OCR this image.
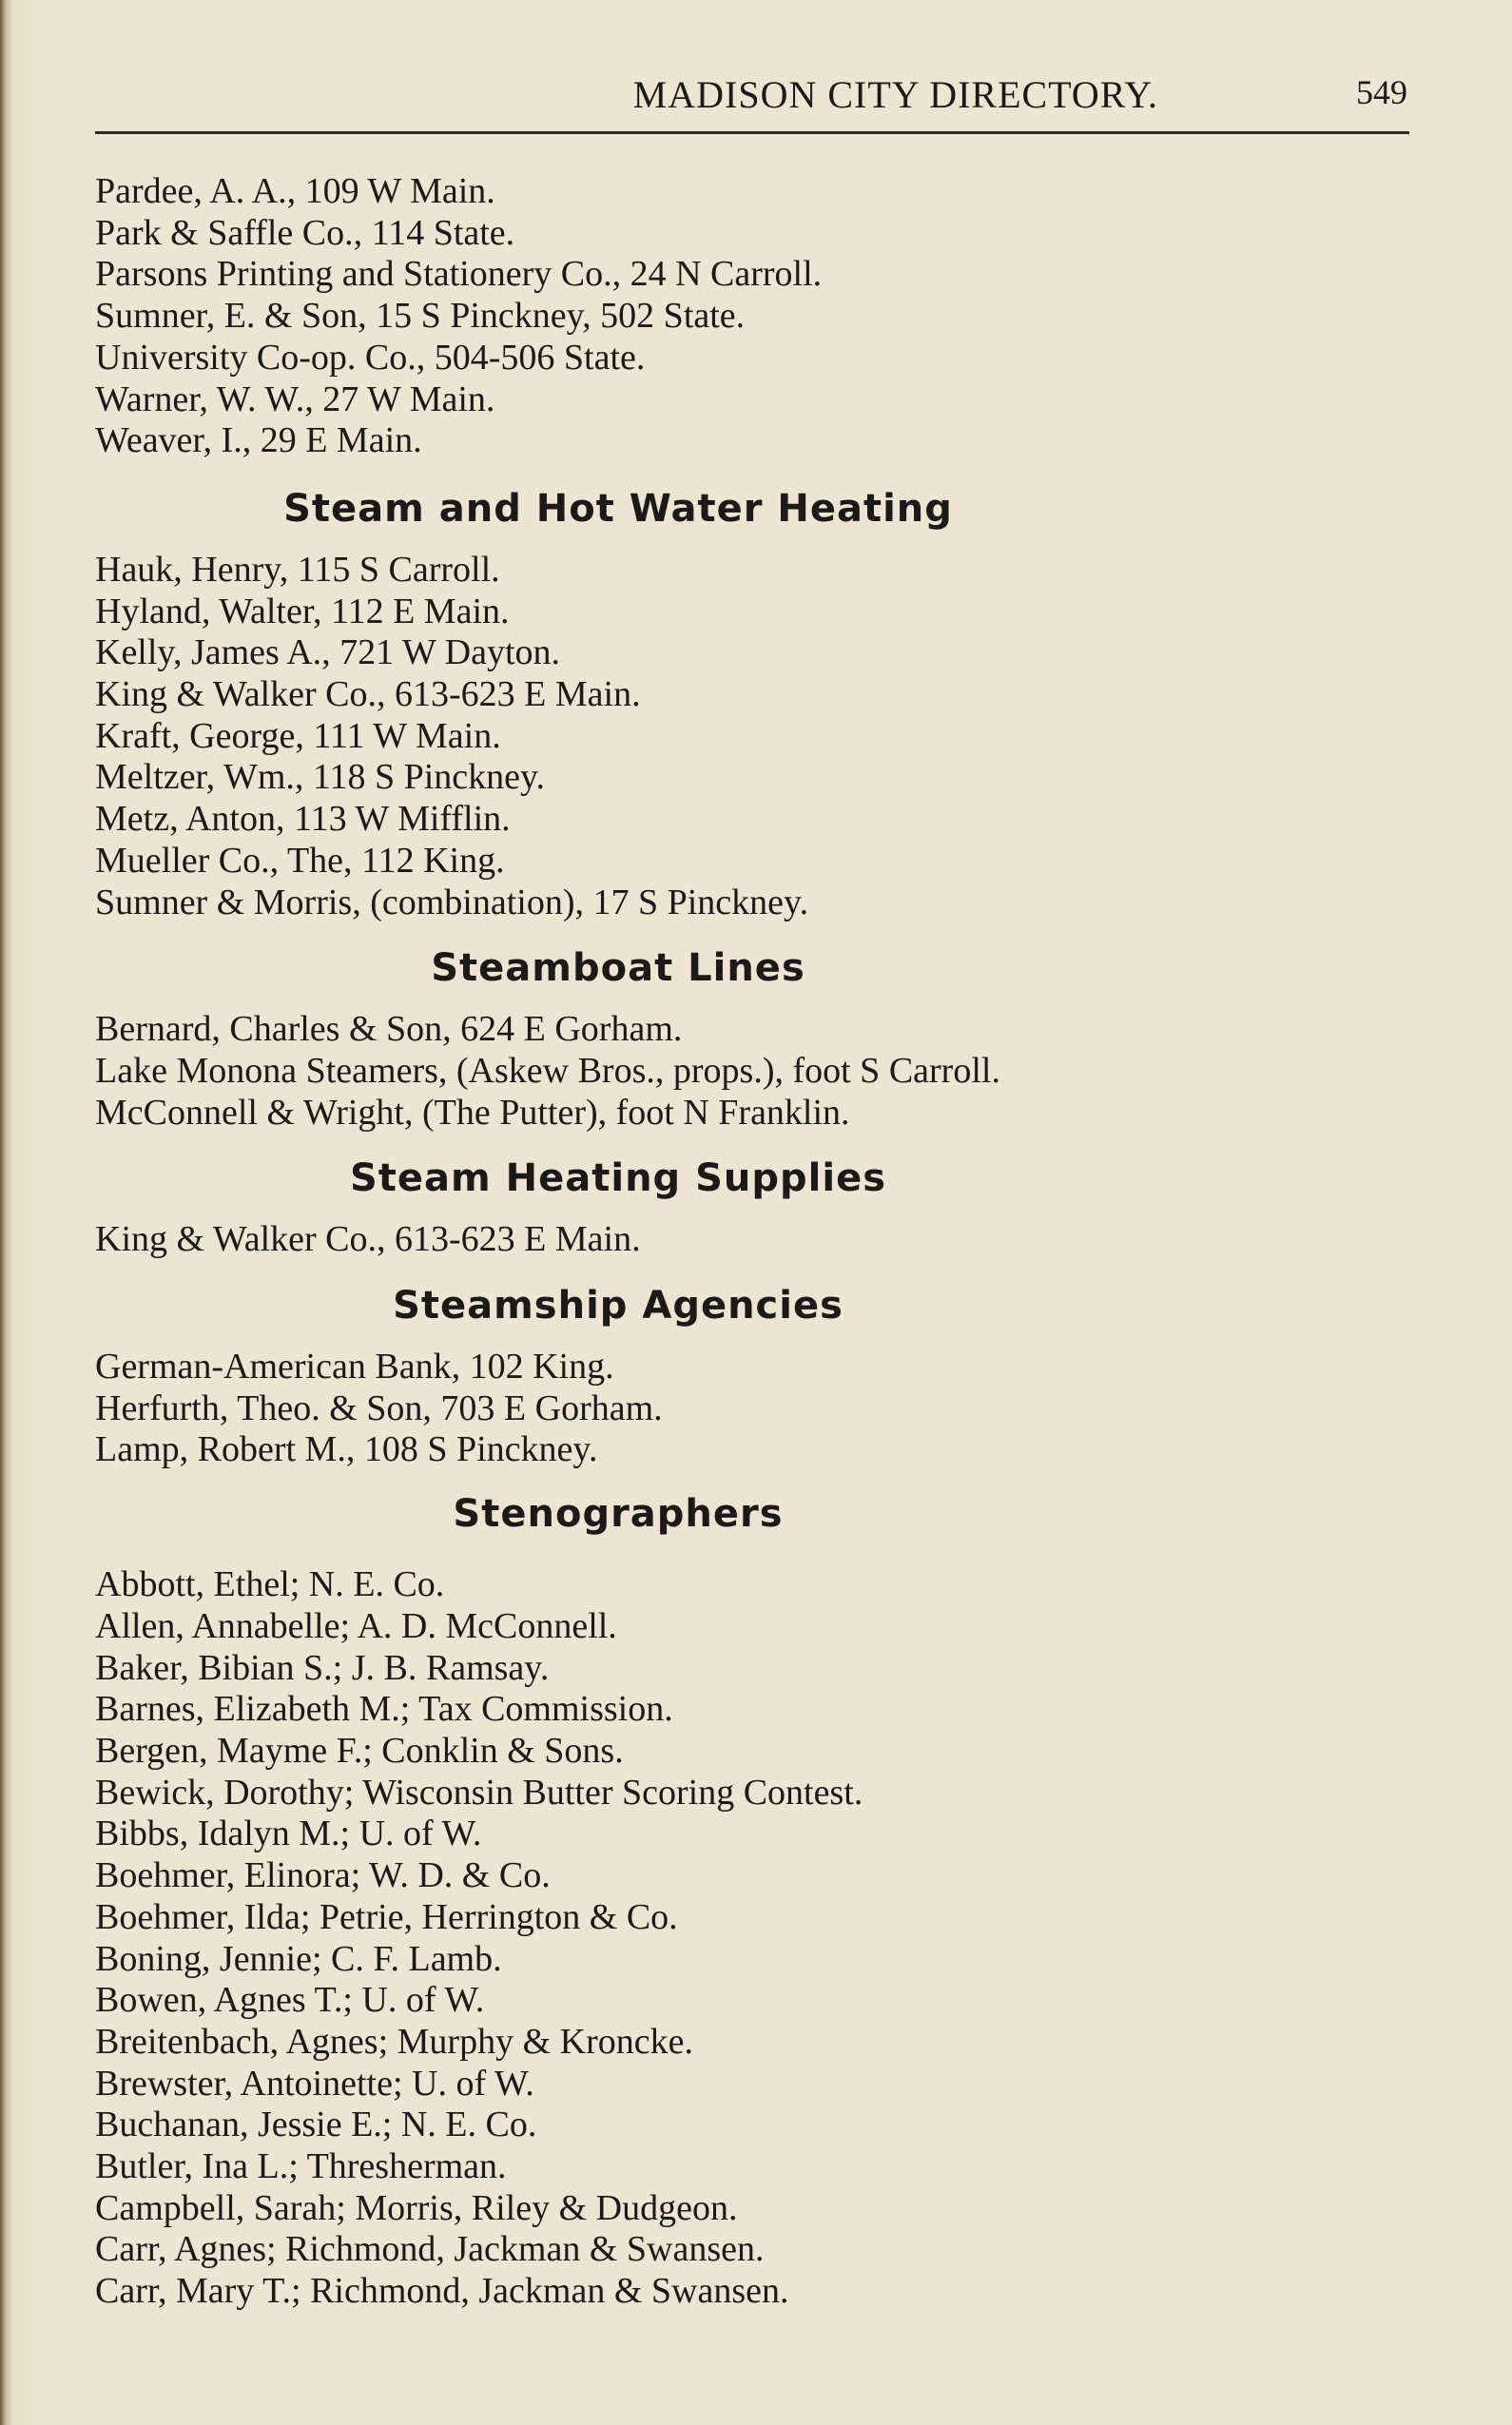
MADISON CITY DIRECTORY.	549
Pardee, A. A., 109 W Main.
Park & Saffle Co., 114 State.
Parsons Printing and Stationery Co., 24 N Carroll.
Sumner, E. & Son, 15 S Pinckney, 502 State.
University Co-op. Co., 504-506 State.
Warner, W. W., 27 W Main.
Weaver, I., 29 E Main.
Steam and Hot Water Heating
Hauk, Henry, 115 S Carroll.
Hyland, Walter, 112 E Main.
Kelly, James A., 721 W Dayton.
King & Walker Co., 613-623 E Main.
Kraft, George, 111 W Main.
Meltzer, Wm., 118 S Pinckney.
Metz, Anton, 113 W Mifflin.
Mueller Co., The, 112 King.
Sumner & Morris, (combination), 17 S Pinckney.
Steamboat Lines
Bernard, Charles & Son, 624 E Gorham.
Lake Monona Steamers, (Askew Bros., props.), foot S Carroll.
McConnell & Wright, (The Putter), foot N Franklin.
Steam Heating Supplies
King & Walker Co., 613-623 E Main.
Steamship Agencies
German-American Bank, 102 King.
Herfurth, Theo. & Son, 703 E Gorham.
Lamp, Robert M., 108 S Pinckney.
Stenographers
Abbott, Ethel; N. E. Co.
Allen, Annabelle; A. D. McConnell.
Baker, Bibian S.; J. B. Ramsay.
Barnes, Elizabeth M.; Tax Commission.
Bergen, Mayme F.; Conklin & Sons.
Bewick, Dorothy; Wisconsin Butter Scoring Contest.
Bibbs, Idalyn M.; U. of W.
Boehmer, Elinora; W. D. & Co.
Boehmer, Ilda; Petrie, Herrington & Co.
Boning, Jennie; C. F. Lamb.
Bowen, Agnes T.; U. of W.
Breitenbach, Agnes; Murphy & Kroncke.
Brewster, Antoinette; U. of W.
Buchanan, Jessie E.; N. E. Co.
Butler, Ina L.; Thresherman.
Campbell, Sarah; Morris, Riley & Dudgeon.
Carr, Agnes; Richmond, Jackman & Swansen.
Carr, Mary T.; Richmond, Jackman & Swansen.
